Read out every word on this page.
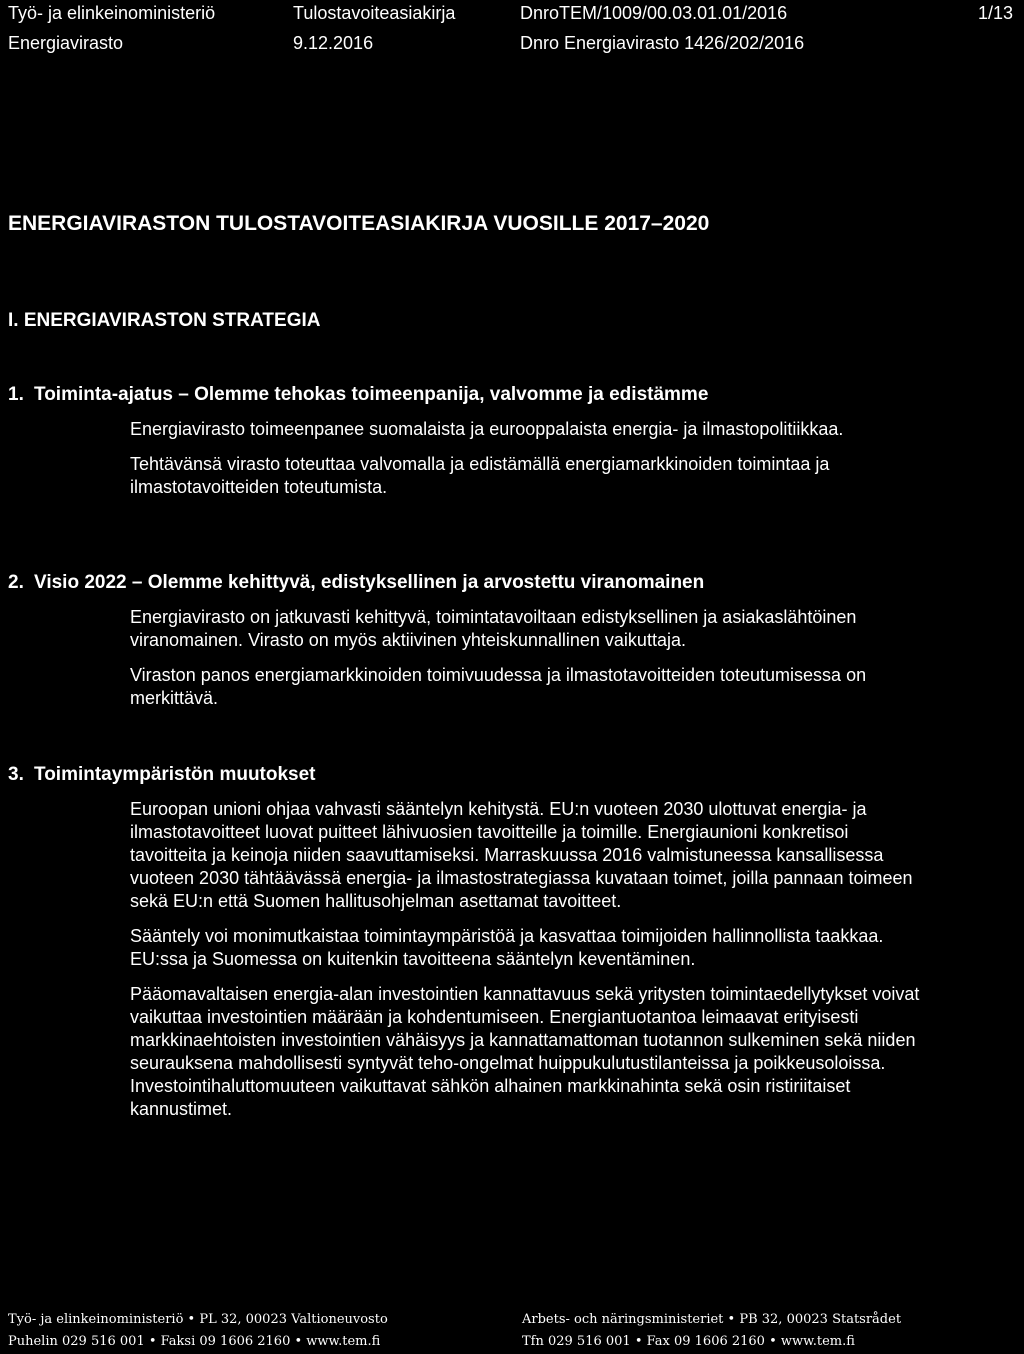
Työ- ja elinkeinoministeriö
Energiavirasto
Tulostavoiteasiakirja
9.12.2016
DnroTEM/1009/00.03.01.01/2016
Dnro Energiavirasto 1426/202/2016
1/13
ENERGIAVIRASTON TULOSTAVOITEASIAKIRJA VUOSILLE 2017–2020
I. ENERGIAVIRASTON STRATEGIA
1. Toiminta-ajatus – Olemme tehokas toimeenpanija, valvomme ja edistämme

Energiavirasto toimeenpanee suomalaista ja eurooppalaista energia- ja ilmastopolitiikkaa.

Tehtävänsä virasto toteuttaa valvomalla ja edistämällä energiamarkkinoiden toimintaa ja ilmastotavoitteiden toteutumista.

2. Visio 2022 – Olemme kehittyvä, edistyksellinen ja arvostettu viranomainen

Energiavirasto on jatkuvasti kehittyvä, toimintatavoiltaan edistyksellinen ja asiakaslähtöinen viranomainen. Virasto on myös aktiivinen yhteiskunnallinen vaikuttaja.

Viraston panos energiamarkkinoiden toimivuudessa ja ilmastotavoitteiden toteutumisessa on merkittävä.

3. Toimintaympäristön muutokset

Euroopan unioni ohjaa vahvasti sääntelyn kehitystä. EU:n vuoteen 2030 ulottuvat energia- ja ilmastotavoitteet luovat puitteet lähivuosien tavoitteille ja toimille. Energiaunioni konkretisoi tavoitteita ja keinoja niiden saavuttamiseksi. Marraskuussa 2016 valmistuneessa kansallisessa vuoteen 2030 tähtäävässä energia- ja ilmastostrategiassa kuvataan toimet, joilla pannaan toimeen sekä EU:n että Suomen hallitusohjelman asettamat tavoitteet.

Sääntely voi monimutkaistaa toimintaympäristöä ja kasvattaa toimijoiden hallinnollista taakkaa. EU:ssa ja Suomessa on kuitenkin tavoitteena sääntelyn keventäminen.

Pääomavaltaisen energia-alan investointien kannattavuus sekä yritysten toimintaedellytykset voivat vaikuttaa investointien määrään ja kohdentumiseen. Energiantuotantoa leimaavat erityisesti markkinaehtoisten investointien vähäisyys ja kannattamattoman tuotannon sulkeminen sekä niiden seurauksena mahdollisesti syntyvät teho-ongelmat huippukulutustilanteissa ja poikkeusoloissa. Investointihaluttomuuteen vaikuttavat sähkön alhainen markkinahinta sekä osin ristiriitaiset kannustimet.

Työ- ja elinkeinoministeriö • PL 32, 00023 Valtioneuvosto
Puhelin 029 516 001 • Faksi 09 1606 2160 • www.tem.fi
Arbets- och näringsministeriet • PB 32, 00023 Statsrådet
Tfn 029 516 001 • Fax 09 1606 2160 • www.tem.fi
